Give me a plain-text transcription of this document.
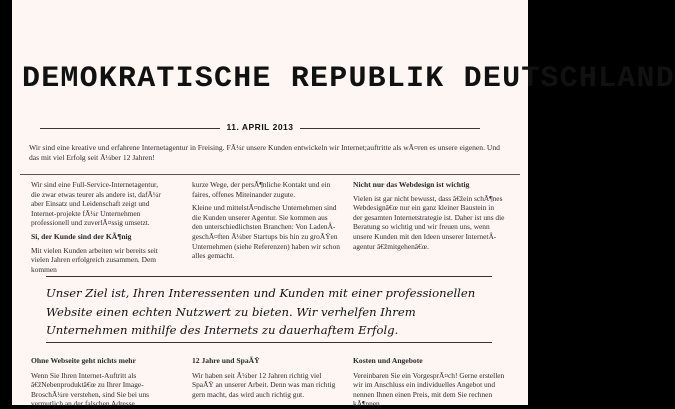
DEMOKRATISCHE REPUBLIK DEUTSCHLAND
11. APRIL 2013
Wir sind eine kreative und erfahrene Internetagentur in Freising. FÃ¼r unsere Kunden entwickeln wir Internet;auftritte als wÃ¤ren es unsere eigenen. Und das mit viel Erfolg seit Ã¼ber 12 Jahren!

Wir sind eine Full-Service-Internetagentur, die zwar etwas teurer als andere ist, dafÃ¼r aber Einsatz und Leidenschaft zeigt und Internet-projekte fÃ¼r Unternehmen professionell und zuverlÃ¤ssig umsetzt.

Si, der Kunde sind der KÃ¶nig

Mit vielen Kunden arbeiten wir bereits seit vielen Jahren erfolgreich zusammen. Dem kommen

kurze Wege, der persÃ¶nliche Kontakt und ein faires, offenes Miteinander zugute.

Kleine und mittelstÃ¤ndische Unternehmen sind die Kunden unserer Agentur. Sie kommen aus den unterschiedlichsten Branchen: Von LadenÂ-geschÃ¤ften Ã¼ber Startups bis hin zu groÃŸen Unternehmen (siehe Referenzen) haben wir schon alles gemacht.

Nicht nur das Webdesign ist wichtig

Vielen ist gar nicht bewusst, dass â€žein schÃ¶nes Webdesignâ€œ nur ein ganz kleiner Baustein in der gesamten Internetstrategie ist. Daher ist uns die Beratung so wichtig und wir freuen uns, wenn unsere Kunden mit den Ideen unserer InternetÂ-agentur â€žmitgehenâ€œ.

Unser Ziel ist, Ihren Interessenten und Kunden mit einer professionellen Website einen echten Nutzwert zu bieten. Wir verhelfen Ihrem Unternehmen mithilfe des Internets zu dauerhaftem Erfolg.
Ohne Webseite geht nichts mehr

Wenn Sie Ihren Internet-Auftritt als â€žNebenproduktâ€œ zu Ihrer Image-BroschÃ¼re verstehen, sind Sie bei uns vermutlich an der falschen Adresse.

12 Jahre und SpaÃŸ

Wir haben seit Ã¼ber 12 Jahren richtig viel SpaÃŸ an unserer Arbeit. Denn was man richtig gern macht, das wird auch richtig gut.

Kosten und Angebote

Vereinbaren Sie ein VorgesprÃ¤ch! Gerne erstellen wir im Anschluss ein individuelles Angebot und nennen Ihnen einen Preis, mit dem Sie rechnen kÃ¶nnen.
